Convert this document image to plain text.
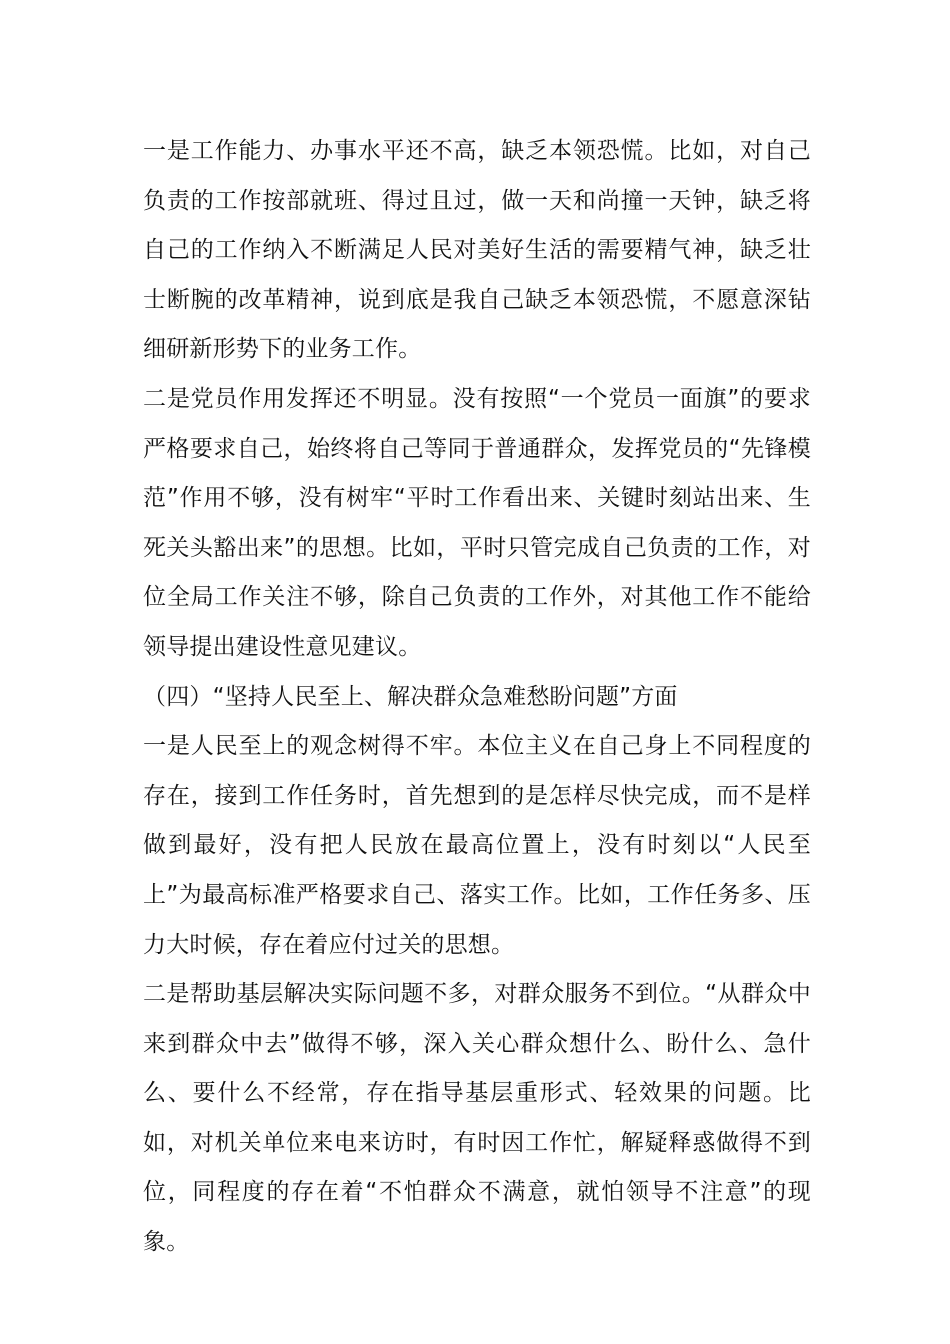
一是工作能力、办事水平还不高，缺乏本领恐慌。比如，对自己负责的工作按部就班、得过且过，做一天和尚撞一天钟，缺乏将自己的工作纳入不断满足人民对美好生活的需要精气神，缺乏壮士断腕的改革精神，说到底是我自己缺乏本领恐慌，不愿意深钻细研新形势下的业务工作。

二是党员作用发挥还不明显。没有按照“一个党员一面旗”的要求严格要求自己，始终将自己等同于普通群众，发挥党员的“先锋模范”作用不够，没有树牢“平时工作看出来、关键时刻站出来、生死关头豁出来”的思想。比如，平时只管完成自己负责的工作，对位全局工作关注不够，除自己负责的工作外，对其他工作不能给领导提出建设性意见建议。

（四）“坚持人民至上、解决群众急难愁盼问题”方面

一是人民至上的观念树得不牢。本位主义在自己身上不同程度的存在，接到工作任务时，首先想到的是怎样尽快完成，而不是样做到最好，没有把人民放在最高位置上，没有时刻以“人民至上”为最高标准严格要求自己、落实工作。比如，工作任务多、压力大时候，存在着应付过关的思想。

二是帮助基层解决实际问题不多，对群众服务不到位。“从群众中来到群众中去”做得不够，深入关心群众想什么、盼什么、急什么、要什么不经常，存在指导基层重形式、轻效果的问题。比如，对机关单位来电来访时，有时因工作忙，解疑释惑做得不到位，同程度的存在着“不怕群众不满意，就怕领导不注意”的现象。
